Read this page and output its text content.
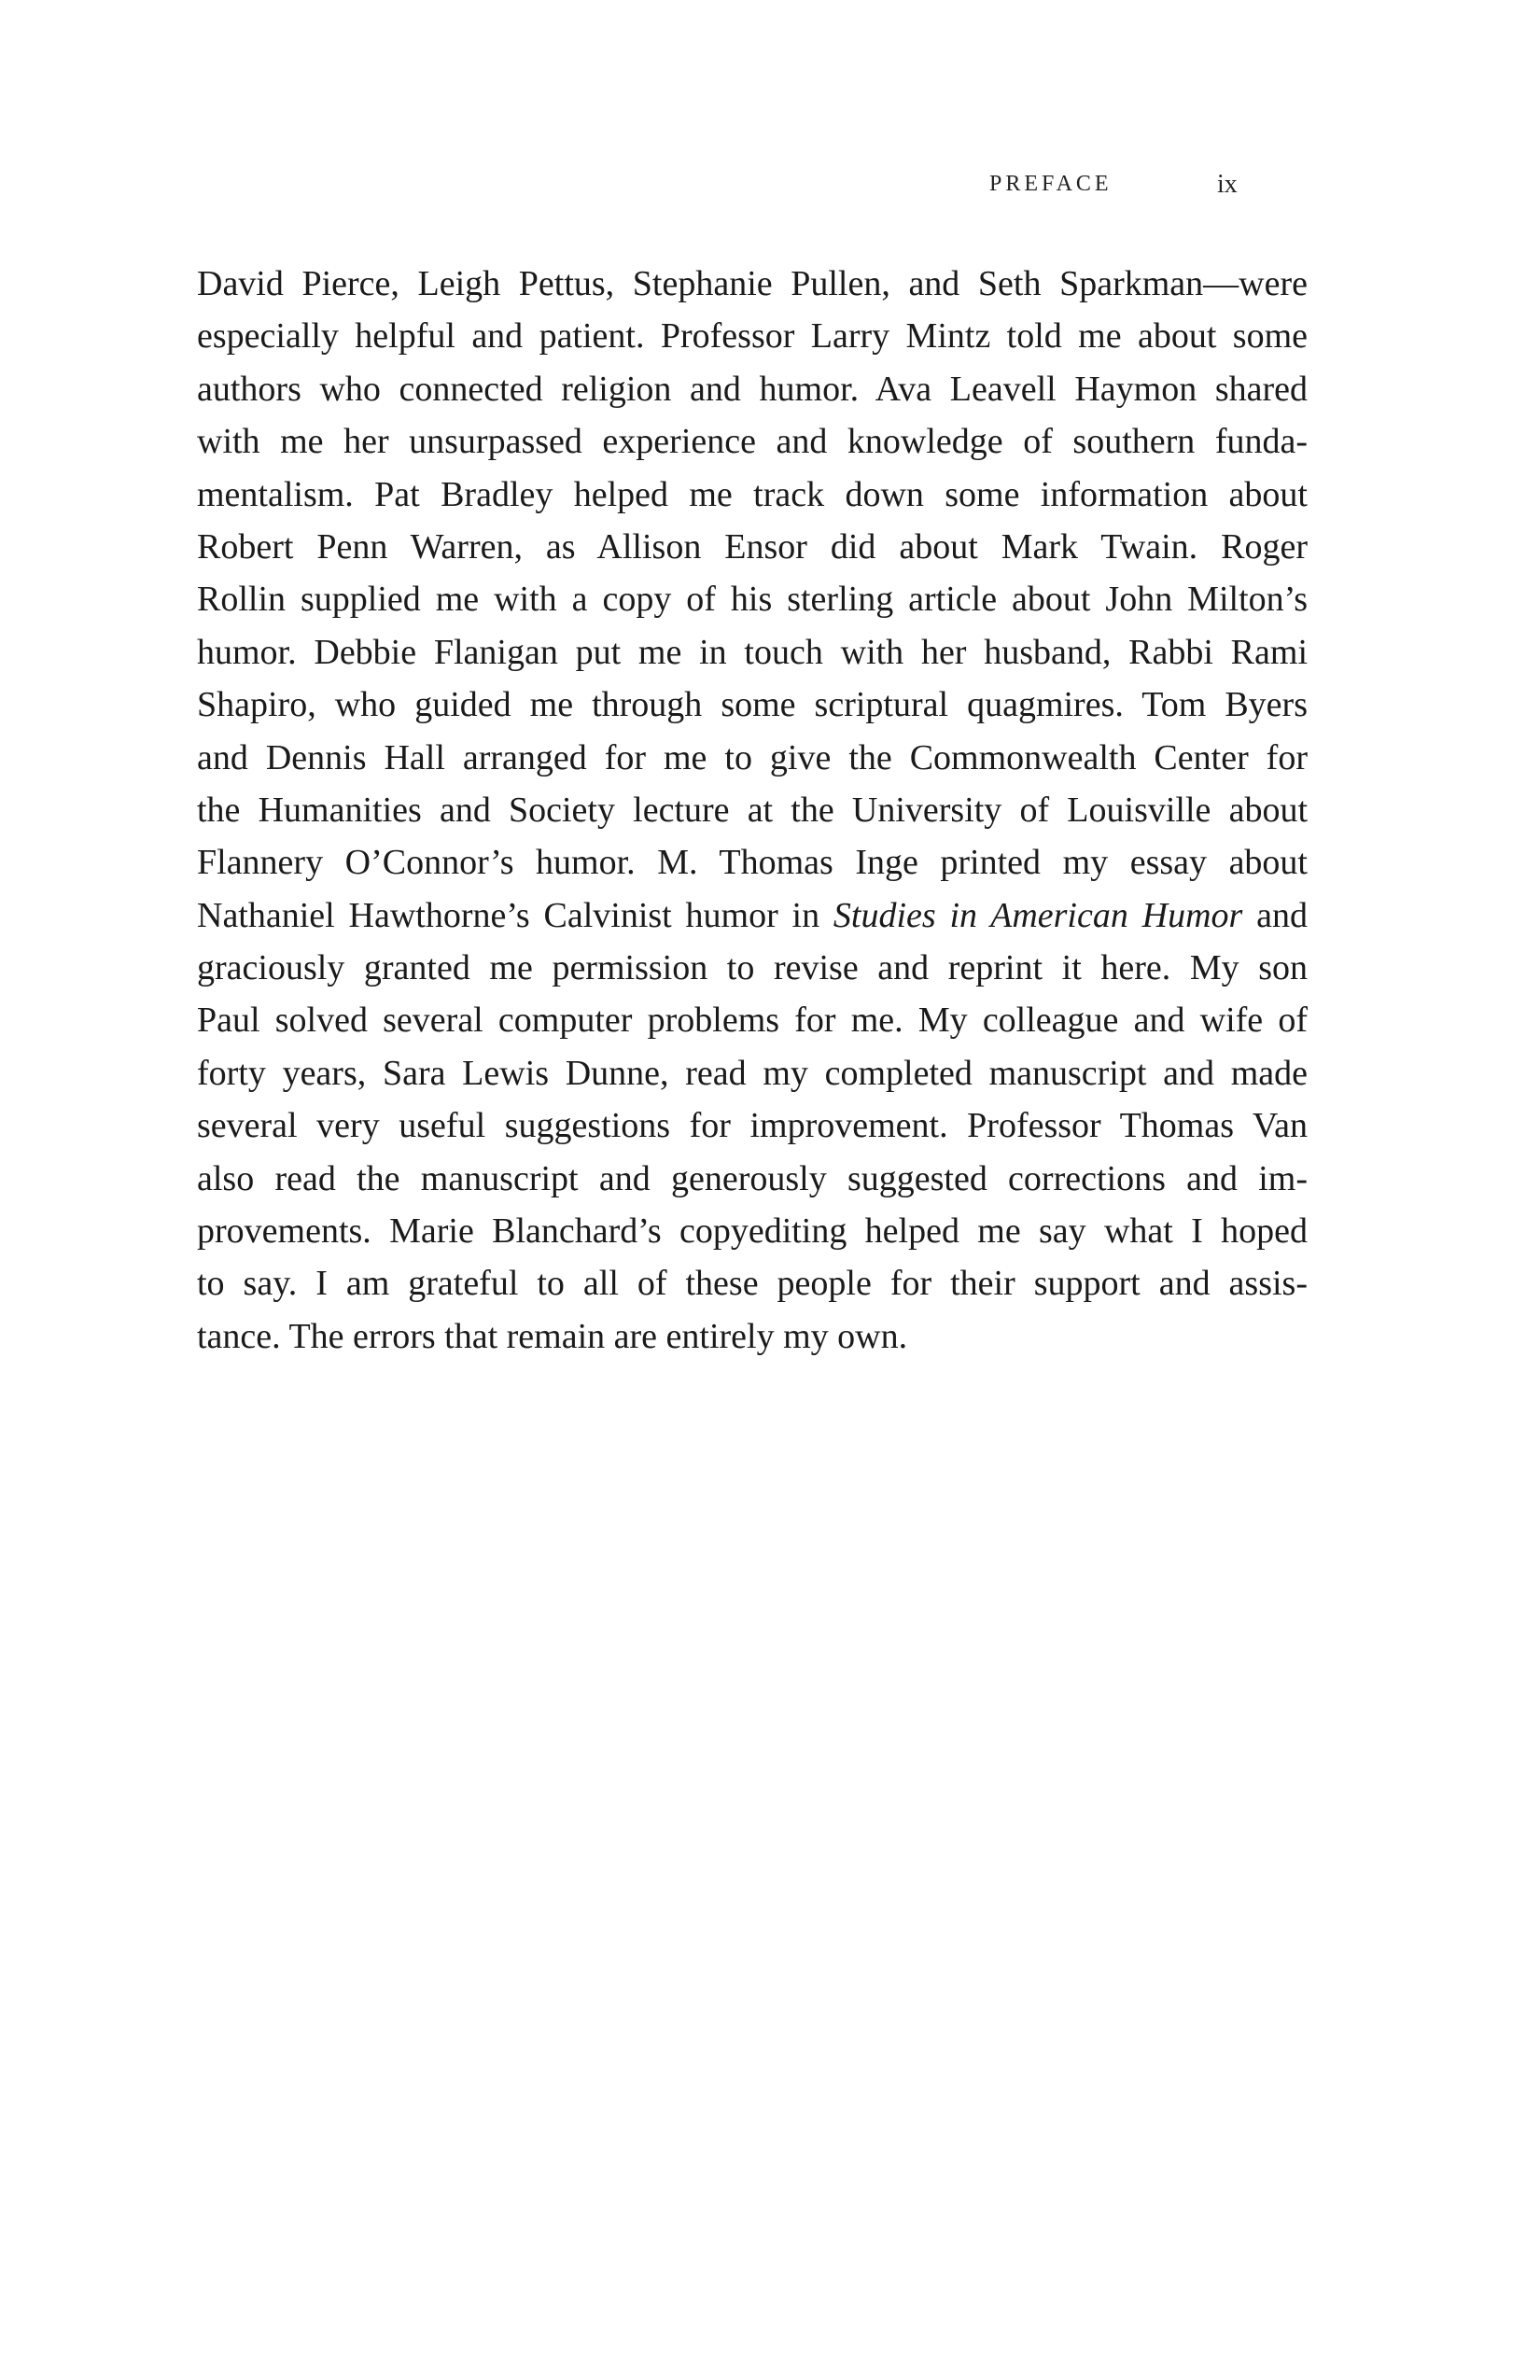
PREFACE	ix
David Pierce, Leigh Pettus, Stephanie Pullen, and Seth Sparkman—were
especially helpful and patient. Professor Larry Mintz told me about some
authors who connected religion and humor. Ava Leavell Haymon shared
with me her unsurpassed experience and knowledge of southern funda-
mentalism. Pat Bradley helped me track down some information about
Robert Penn Warren, as Allison Ensor did about Mark Twain. Roger
Rollin supplied me with a copy of his sterling article about John Milton’s
humor. Debbie Flanigan put me in touch with her husband, Rabbi Rami
Shapiro, who guided me through some scriptural quagmires. Tom Byers
and Dennis Hall arranged for me to give the Commonwealth Center for
the Humanities and Society lecture at the University of Louisville about
Flannery O’Connor’s humor. M. Thomas Inge printed my essay about
Nathaniel Hawthorne’s Calvinist humor in Studies in American Humor and
graciously granted me permission to revise and reprint it here. My son
Paul solved several computer problems for me. My colleague and wife of
forty years, Sara Lewis Dunne, read my completed manuscript and made
several very useful suggestions for improvement. Professor Thomas Van
also read the manuscript and generously suggested corrections and im-
provements. Marie Blanchard’s copyediting helped me say what I hoped
to say. I am grateful to all of these people for their support and assis-
tance. The errors that remain are entirely my own.
